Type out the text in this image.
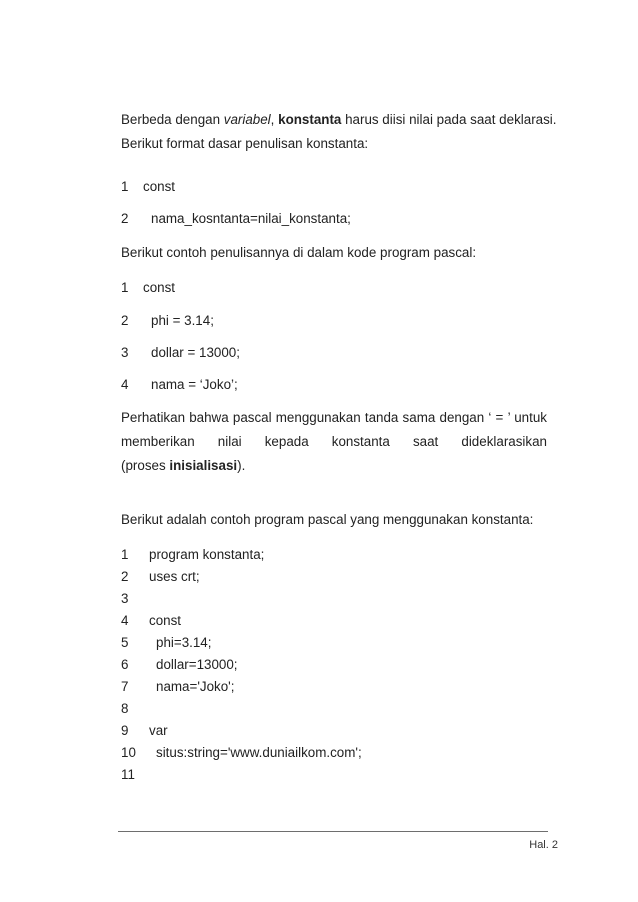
Berbeda dengan variabel, konstanta harus diisi nilai pada saat deklarasi.
Berikut format dasar penulisan konstanta:
1 const
2 nama_kosntanta=nilai_konstanta;
Berikut contoh penulisannya di dalam kode program pascal:
1 const
2 phi = 3.14;
3 dollar = 13000;
4 nama = ‘Joko’;
Perhatikan bahwa pascal menggunakan tanda sama dengan ‘ = ’ untuk
memberikan nilai kepada konstanta saat dideklarasikan
(proses inisialisasi).
Berikut adalah contoh program pascal yang menggunakan konstanta:
1 program konstanta;
2 uses crt;
3
4 const
5 phi=3.14;
6 dollar=13000;
7 nama='Joko';
8
9 var
10 situs:string='www.duniailkom.com';
11
Hal. 2
